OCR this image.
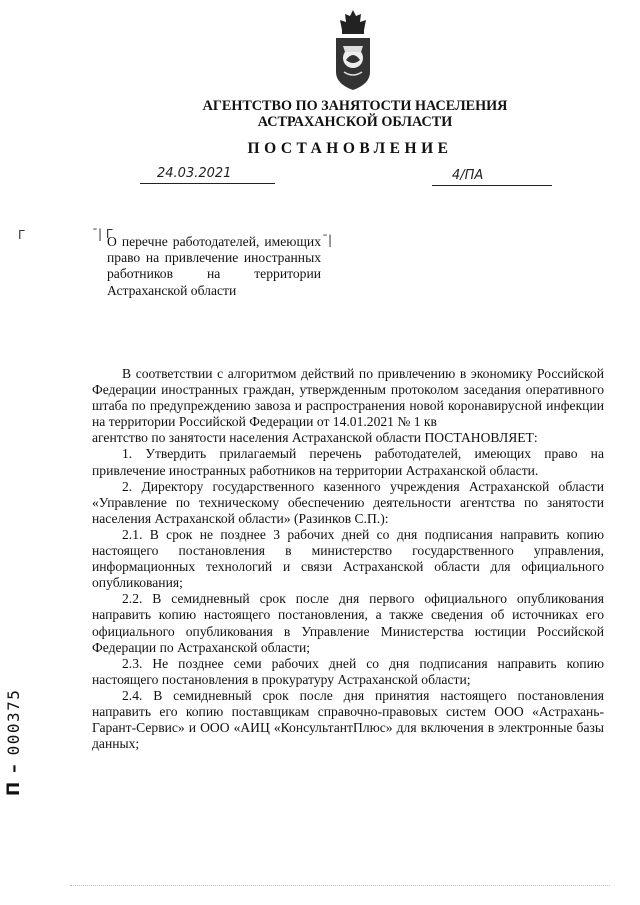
АГЕНТСТВО ПО ЗАНЯТОСТИ НАСЕЛЕНИЯ
АСТРАХАНСКОЙ ОБЛАСТИ
ПОСТАНОВЛЕНИЕ
24.03.2021	4/ПА
Γ	ˉ| Γ	ˉ|
О перечне работодателей, имеющих право на привлечение иностранных работников на территории Астраханской области

В соответствии с алгоритмом действий по привлечению в экономику Российской Федерации иностранных граждан, утвержденным протоколом заседания оперативного штаба по предупреждению завоза и распространения новой коронавирусной инфекции на территории Российской Федерации от 14.01.2021 № 1 кв

агентство по занятости населения Астраханской области ПОСТАНОВЛЯЕТ:

1. Утвердить прилагаемый перечень работодателей, имеющих право на привлечение иностранных работников на территории Астраханской области.

2. Директору государственного казенного учреждения Астраханской области «Управление по техническому обеспечению деятельности агентства по занятости населения Астраханской области» (Разинков С.П.):

2.1. В срок не позднее 3 рабочих дней со дня подписания направить копию настоящего постановления в министерство государственного управления, информационных технологий и связи Астраханской области для официального опубликования;

2.2. В семидневный срок после дня первого официального опубликования направить копию настоящего постановления, а также сведения об источниках его официального опубликования в Управление Министерства юстиции Российской Федерации по Астраханской области;

2.3. Не позднее семи рабочих дней со дня подписания направить копию настоящего постановления в прокуратуру Астраханской области;

2.4. В семидневный срок после дня принятия настоящего постановления направить его копию поставщикам справочно-правовых систем ООО «Астрахань-Гарант-Сервис» и ООО «АИЦ «КонсультантПлюс» для включения в электронные базы данных;

П – 000375
